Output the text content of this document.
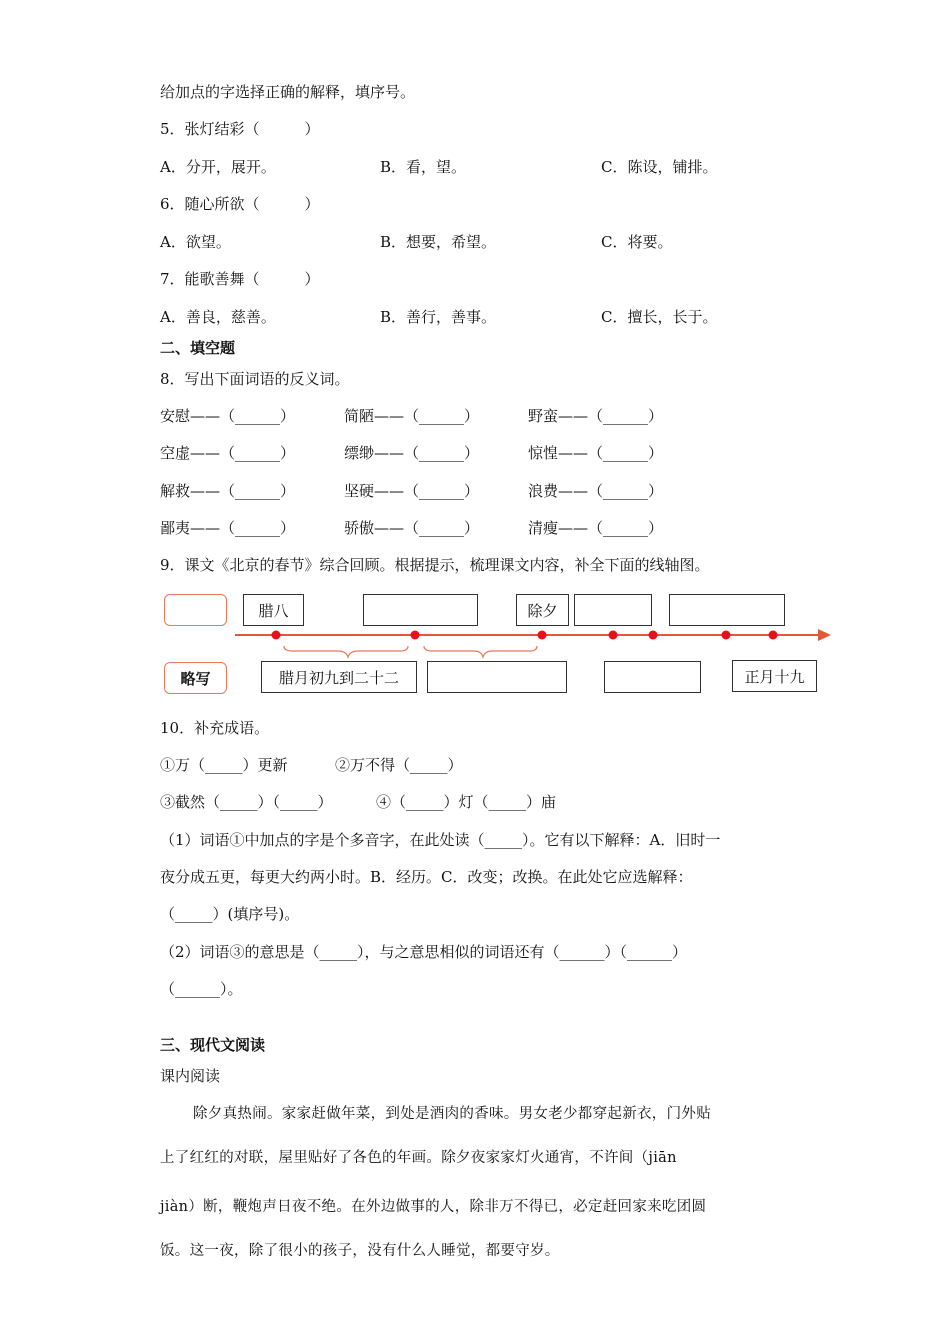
给加点的字选择正确的解释，填序号。
5．张灯结彩（　　　）
A．分开，展开。	B．看，望。	C．陈设，铺排。
6．随心所欲（　　　）
A．欲望。	B．想要，希望。	C．将要。
7．能歌善舞（　　　）
A．善良，慈善。	B．善行，善事。	C．擅长，长于。
二、填空题
8．写出下面词语的反义词。
安慰——（______）	简陋——（______）	野蛮——（______）
空虚——（______）	缥缈——（______）	惊惶——（______）
解救——（______）	坚硬——（______）	浪费——（______）
鄙夷——（______）	骄傲——（______）	清瘦——（______）
9．课文《北京的春节》综合回顾。根据提示，梳理课文内容，补全下面的线轴图。
腊八	除夕
略写	腊月初九到二十二	正月十九
10．补充成语。
①万（_____）更新	②万不得（_____）
③截然（_____）（_____）	④（_____）灯（_____）庙
（1）词语①中加点的字是个多音字，在此处读（_____）。它有以下解释：A．旧时一
夜分成五更，每更大约两小时。B．经历。C．改变；改换。在此处它应选解释：
（_____）(填序号)。
（2）词语③的意思是（_____），与之意思相似的词语还有（______）（______）
（______）。
三、现代文阅读
课内阅读
除夕真热闹。家家赶做年菜，到处是酒肉的香味。男女老少都穿起新衣，门外贴
上了红红的对联，屋里贴好了各色的年画。除夕夜家家灯火通宵，不许间（jiān
jiàn）断，鞭炮声日夜不绝。在外边做事的人，除非万不得已，必定赶回家来吃团圆
饭。这一夜，除了很小的孩子，没有什么人睡觉，都要守岁。
